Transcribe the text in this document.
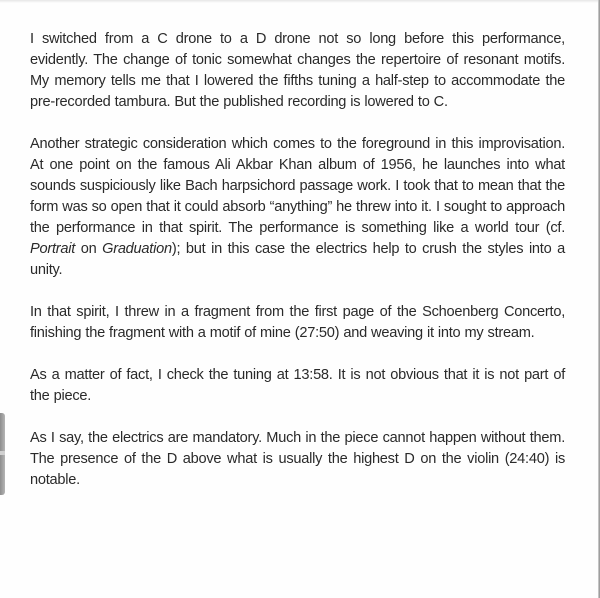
I switched from a C drone to a D drone not so long before this performance, evidently. The change of tonic somewhat changes the repertoire of resonant motifs. My memory tells me that I lowered the fifths tuning a half-step to accommodate the pre-recorded tambura. But the published recording is lowered to C.

Another strategic consideration which comes to the foreground in this improvisation. At one point on the famous Ali Akbar Khan album of 1956, he launches into what sounds suspiciously like Bach harpsichord passage work. I took that to mean that the form was so open that it could absorb “anything” he threw into it. I sought to approach the performance in that spirit. The performance is something like a world tour (cf. Portrait on Graduation); but in this case the electrics help to crush the styles into a unity.

In that spirit, I threw in a fragment from the first page of the Schoenberg Concerto, finishing the fragment with a motif of mine (27:50) and weaving it into my stream.

As a matter of fact, I check the tuning at 13:58. It is not obvious that it is not part of the piece.

As I say, the electrics are mandatory. Much in the piece cannot happen without them. The presence of the D above what is usually the highest D on the violin (24:40) is notable.
